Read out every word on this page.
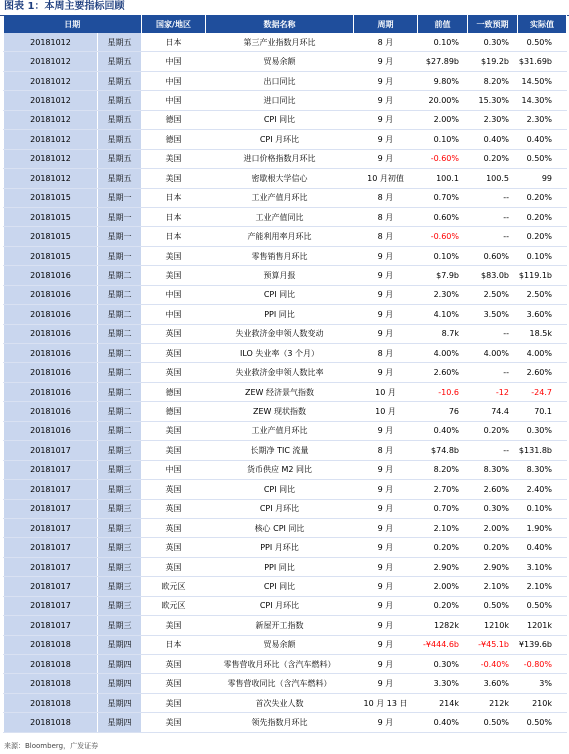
图表 1：本周主要指标回顾
日期		国家/地区	数据名称	周期	前值	一致预期	实际值
20181012	星期五	日本	第三产业指数月环比	8 月	0.10%	0.30%	0.50%
20181012	星期五	中国	贸易余额	9 月	$27.89b	$19.2b	$31.69b
20181012	星期五	中国	出口同比	9 月	9.80%	8.20%	14.50%
20181012	星期五	中国	进口同比	9 月	20.00%	15.30%	14.30%
20181012	星期五	德国	CPI 同比	9 月	2.00%	2.30%	2.30%
20181012	星期五	德国	CPI 月环比	9 月	0.10%	0.40%	0.40%
20181012	星期五	美国	进口价格指数月环比	9 月	-0.60%	0.20%	0.50%
20181012	星期五	美国	密歇根大学信心	10 月初值	100.1	100.5	99
20181015	星期一	日本	工业产值月环比	8 月	0.70%	--	0.20%
20181015	星期一	日本	工业产值同比	8 月	0.60%	--	0.20%
20181015	星期一	日本	产能利用率月环比	8 月	-0.60%	--	0.20%
20181015	星期一	美国	零售销售月环比	9 月	0.10%	0.60%	0.10%
20181016	星期二	美国	预算月报	9 月	$7.9b	$83.0b	$119.1b
20181016	星期二	中国	CPI 同比	9 月	2.30%	2.50%	2.50%
20181016	星期二	中国	PPI 同比	9 月	4.10%	3.50%	3.60%
20181016	星期二	英国	失业救济金申领人数变动	9 月	8.7k	--	18.5k
20181016	星期二	英国	ILO 失业率（3 个月）	8 月	4.00%	4.00%	4.00%
20181016	星期二	英国	失业救济金申领人数比率	9 月	2.60%	--	2.60%
20181016	星期二	德国	ZEW 经济景气指数	10 月	-10.6	-12	-24.7
20181016	星期二	德国	ZEW 现状指数	10 月	76	74.4	70.1
20181016	星期二	美国	工业产值月环比	9 月	0.40%	0.20%	0.30%
20181017	星期三	美国	长期净 TIC 流量	8 月	$74.8b	--	$131.8b
20181017	星期三	中国	货币供应 M2 同比	9 月	8.20%	8.30%	8.30%
20181017	星期三	英国	CPI 同比	9 月	2.70%	2.60%	2.40%
20181017	星期三	英国	CPI 月环比	9 月	0.70%	0.30%	0.10%
20181017	星期三	英国	核心 CPI 同比	9 月	2.10%	2.00%	1.90%
20181017	星期三	英国	PPI 月环比	9 月	0.20%	0.20%	0.40%
20181017	星期三	英国	PPI 同比	9 月	2.90%	2.90%	3.10%
20181017	星期三	欧元区	CPI 同比	9 月	2.00%	2.10%	2.10%
20181017	星期三	欧元区	CPI 月环比	9 月	0.20%	0.50%	0.50%
20181017	星期三	美国	新屋开工指数	9 月	1282k	1210k	1201k
20181018	星期四	日本	贸易余额	9 月	-¥444.6b	-¥45.1b	¥139.6b
20181018	星期四	英国	零售营收月环比（含汽车燃料）	9 月	0.30%	-0.40%	-0.80%
20181018	星期四	英国	零售营收同比（含汽车燃料）	9 月	3.30%	3.60%	3%
20181018	星期四	美国	首次失业人数	10 月 13 日	214k	212k	210k
20181018	星期四	美国	领先指数月环比	9 月	0.40%	0.50%	0.50%
来源：Bloomberg，广发证券
